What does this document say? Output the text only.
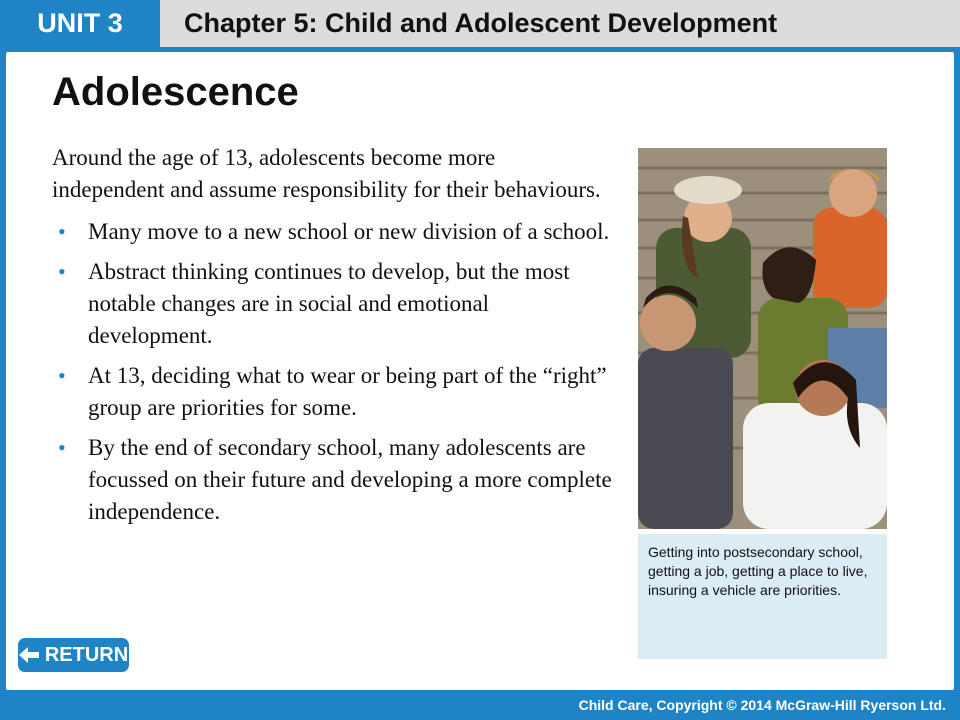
UNIT 3	Chapter 5: Child and Adolescent Development
Adolescence

Around the age of 13, adolescents become more independent and assume responsibility for their behaviours.

• Many move to a new school or new division of a school.
• Abstract thinking continues to develop, but the most notable changes are in social and emotional development.
• At 13, deciding what to wear or being part of the “right” group are priorities for some.
• By the end of secondary school, many adolescents are focussed on their future and developing a more complete independence.
Getting into postsecondary school, getting a job, getting a place to live, insuring a vehicle are priorities.
RETURN
TO PREVIOUS SLIDE
Child Care, Copyright © 2014 McGraw-Hill Ryerson Ltd.
